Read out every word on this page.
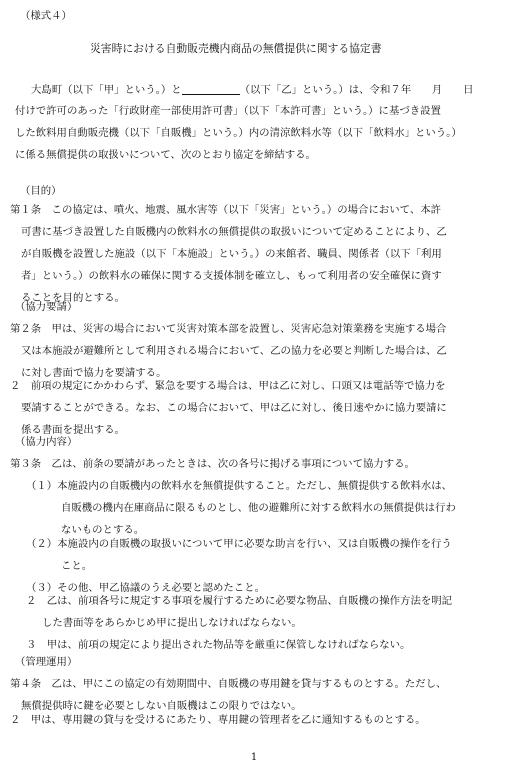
（様式４）
災害時における自動販売機内商品の無償提供に関する協定書
大島町（以下「甲」という。）と	（以下「乙」という。）は、令和７年　　月　　日
付けで許可のあった「行政財産一部使用許可書」（以下「本許可書」という。）に基づき設置
した飲料用自動販売機（以下「自販機」という。）内の清涼飲料水等（以下「飲料水」という。）
に係る無償提供の取扱いについて、次のとおり協定を締結する。
（目的）
第１条　この協定は、噴火、地震、風水害等（以下「災害」という。）の場合において、本許
可書に基づき設置した自販機内の飲料水の無償提供の取扱いについて定めることにより、乙
が自販機を設置した施設（以下「本施設」という。）の来館者、職員、関係者（以下「利用
者」という。）の飲料水の確保に関する支援体制を確立し、もって利用者の安全確保に資す
ることを目的とする。
（協力要請）
第２条　甲は、災害の場合において災害対策本部を設置し、災害応急対策業務を実施する場合
又は本施設が避難所として利用される場合において、乙の協力を必要と判断した場合は、乙
に対し書面で協力を要請する。
２　前項の規定にかかわらず、緊急を要する場合は、甲は乙に対し、口頭又は電話等で協力を
要請することができる。なお、この場合において、甲は乙に対し、後日速やかに協力要請に
係る書面を提出する。
（協力内容）
第３条　乙は、前条の要請があったときは、次の各号に掲げる事項について協力する。
（１）本施設内の自販機内の飲料水を無償提供すること。ただし、無償提供する飲料水は、
自販機の機内在庫商品に限るものとし、他の避難所に対する飲料水の無償提供は行わ
ないものとする。
（２）本施設内の自販機の取扱いについて甲に必要な助言を行い、又は自販機の操作を行う
こと。
（３）その他、甲乙協議のうえ必要と認めたこと。
２　乙は、前項各号に規定する事項を履行するために必要な物品、自販機の操作方法を明記
した書面等をあらかじめ甲に提出しなければならない。
３　甲は、前項の規定により提出された物品等を厳重に保管しなければならない。
（管理運用）
第４条　乙は、甲にこの協定の有効期間中、自販機の専用鍵を貸与するものとする。ただし、
無償提供時に鍵を必要としない自販機はこの限りではない。
２　甲は、専用鍵の貸与を受けるにあたり、専用鍵の管理者を乙に通知するものとする。
1
